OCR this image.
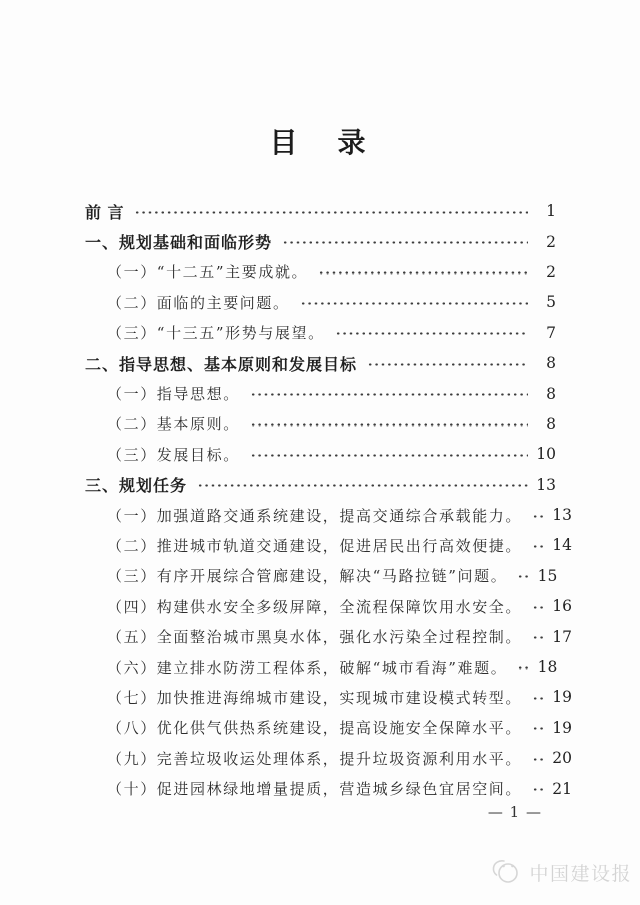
目　录
前 言	1
一、规划基础和面临形势	2
（一）“十二五”主要成就。	2
（二）面临的主要问题。	5
（三）“十三五”形势与展望。	7
二、指导思想、基本原则和发展目标	8
（一）指导思想。	8
（二）基本原则。	8
（三）发展目标。	10
三、规划任务	13
（一）加强道路交通系统建设，提高交通综合承载能力。 13
（二）推进城市轨道交通建设，促进居民出行高效便捷。 14
（三）有序开展综合管廊建设，解决“马路拉链”问题。 15
（四）构建供水安全多级屏障，全流程保障饮用水安全。 16
（五）全面整治城市黑臭水体，强化水污染全过程控制。 17
（六）建立排水防涝工程体系，破解“城市看海”难题。 18
（七）加快推进海绵城市建设，实现城市建设模式转型。 19
（八）优化供气供热系统建设，提高设施安全保障水平。 19
（九）完善垃圾收运处理体系，提升垃圾资源利用水平。 20
（十）促进园林绿地增量提质，营造城乡绿色宜居空间。 21
— 1 —
中国建设报
